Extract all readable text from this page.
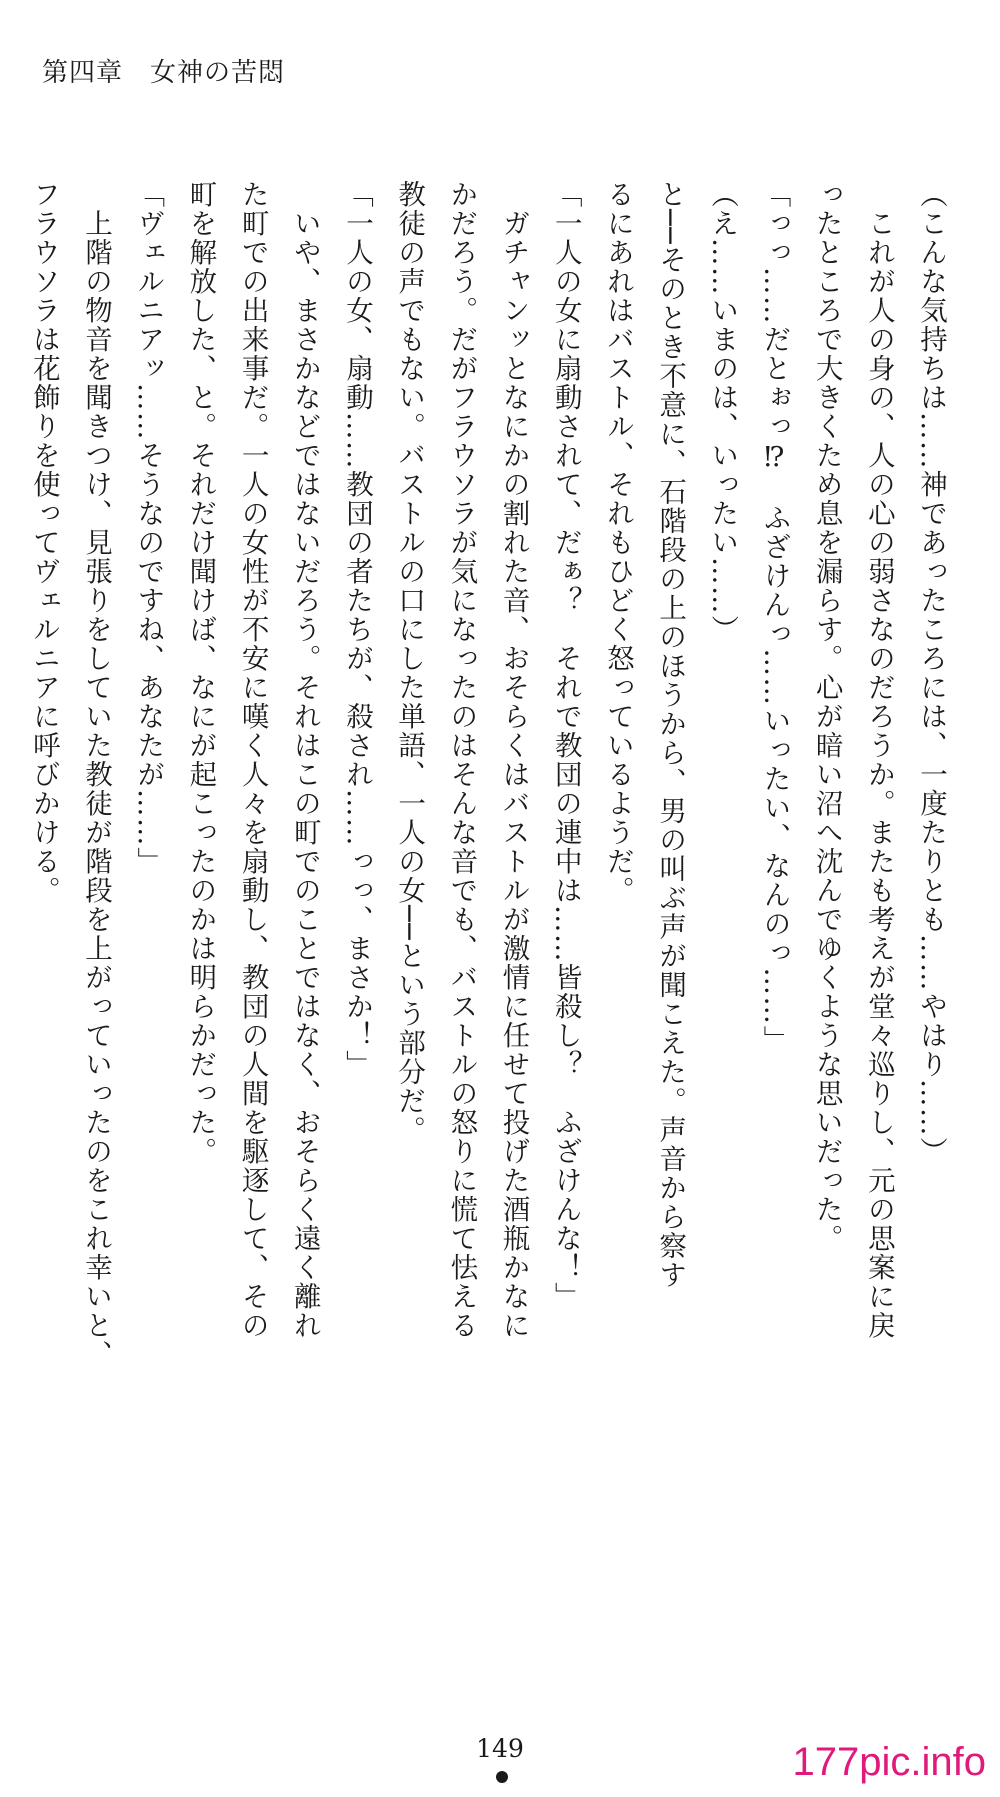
第四章　女神の苦悶
（こんな気持ちは……神であったころには、一度たりとも……やはり……）
　これが人の身の、人の心の弱さなのだろうか。またも考えが堂々巡りし、元の思案に戻
ったところで大きくため息を漏らす。心が暗い沼へ沈んでゆくような思いだった。
「っっ……だとぉっ⁉　ふざけんっ……いったい、なんのっ……」
（え……いまのは、いったい……）
と──そのとき不意に、石階段の上のほうから、男の叫ぶ声が聞こえた。声音から察す
るにあれはバストル、それもひどく怒っているようだ。
「一人の女に扇動されて、だぁ？　それで教団の連中は……皆殺し？　ふざけんな！」
　ガチャンッとなにかの割れた音、おそらくはバストルが激情に任せて投げた酒瓶かなに
かだろう。だがフラウソラが気になったのはそんな音でも、バストルの怒りに慌て怯える
教徒の声でもない。バストルの口にした単語、一人の女──という部分だ。
「一人の女、扇動……教団の者たちが、殺され……っっ、まさか！」
　いや、まさかなどではないだろう。それはこの町でのことではなく、おそらく遠く離れ
た町での出来事だ。一人の女性が不安に嘆く人々を扇動し、教団の人間を駆逐して、その
町を解放した、と。それだけ聞けば、なにが起こったのかは明らかだった。
「ヴェルニアッ……そうなのですね、あなたが……」
　上階の物音を聞きつけ、見張りをしていた教徒が階段を上がっていったのをこれ幸いと、
フラウソラは花飾りを使ってヴェルニアに呼びかける。
149	177pic.info
